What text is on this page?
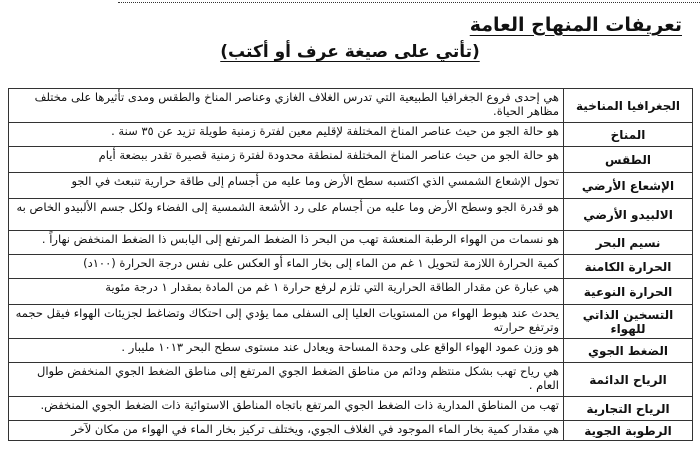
تعريفات المنهاج العامة
(تأتي على صيغة عرف أو أكتب)
الجغرافيا المناخية	هي إحدى فروع الجغرافيا الطبيعية التي تدرس الغلاف الغازي وعناصر المناخ والطقس ومدى تأثيرها على مختلف مظاهر الحياة.
المناخ	هو حالة الجو من حيث عناصر المناخ المختلفة لإقليم معين لفترة زمنية طويلة تزيد عن ٣٥ سنة .
الطقس	هو حالة الجو من حيث عناصر المناخ المختلفة لمنطقة محدودة لفترة زمنية قصيرة تقدر ببضعة أيام
الإشعاع الأرضي	تحول الإشعاع الشمسي الذي اكتسبه سطح الأرض وما عليه من أجسام إلى طاقة حرارية تنبعث في الجو
الالبيدو الأرضي	هو قدرة الجو وسطح الأرض وما عليه من أجسام على رد الأشعة الشمسية إلى الفضاء ولكل جسم الألبيدو الخاص به
نسيم البحر	هو نسمات من الهواء الرطبة المنعشة تهب من البحر ذا الضغط المرتفع إلى اليابس ذا الضغط المنخفض نهاراً .
الحرارة الكامنة	كمية الحرارة اللازمة لتحويل ١ غم من الماء إلى بخار الماء أو العكس على نفس درجة الحرارة (١٠٠د)
الحرارة النوعية	هي عبارة عن مقدار الطاقة الحرارية التي تلزم لرفع حرارة ١ غم من المادة بمقدار ١ درجة مئوية
التسخين الذاتي للهواء	يحدث عند هبوط الهواء من المستويات العليا إلى السفلى مما يؤدي إلى احتكاك وتضاغط لجزيئات الهواء فيقل حجمه وترتفع حرارته
الضغط الجوي	هو وزن عمود الهواء الواقع على وحدة المساحة ويعادل عند مستوى سطح البحر ١٠١٣ مليبار .
الرياح الدائمة	هي رياح تهب بشكل منتظم ودائم من مناطق الضغط الجوي المرتفع إلى مناطق الضغط الجوي المنخفض طوال العام .
الرياح التجارية	تهب من المناطق المدارية ذات الضغط الجوي المرتفع باتجاه المناطق الاستوائية ذات الضغط الجوي المنخفض.
الرطوبة الجوية	هي مقدار كمية بخار الماء الموجود في الغلاف الجوي، ويختلف تركيز بخار الماء في الهواء من مكان لآخر
